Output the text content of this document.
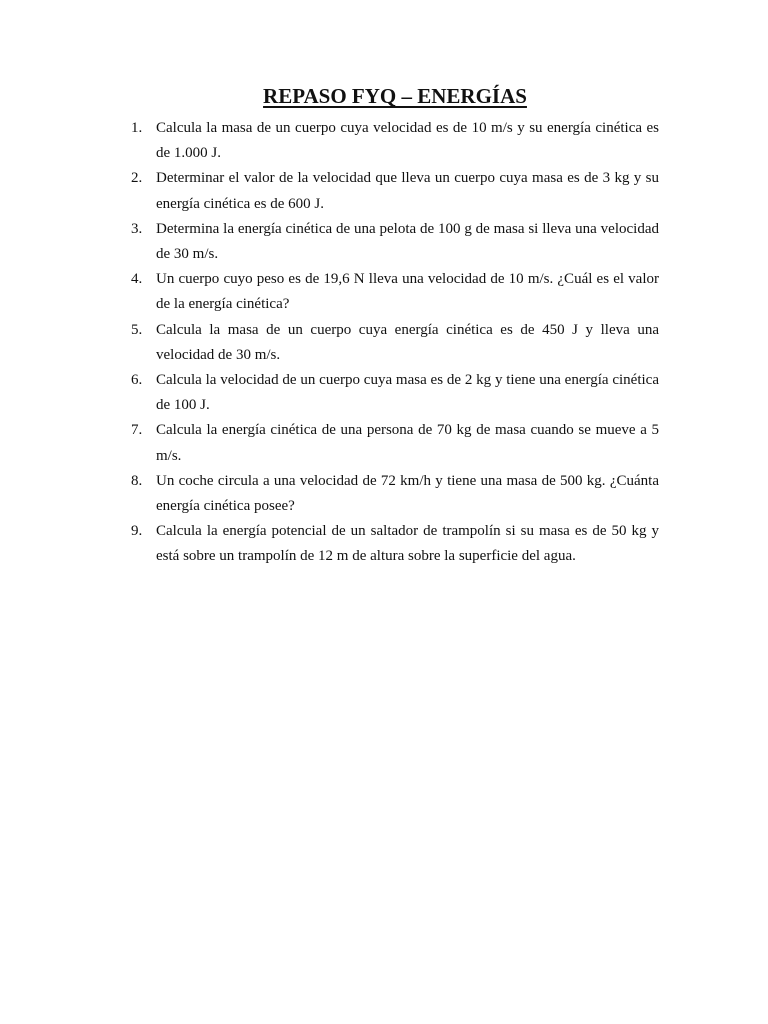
REPASO FYQ – ENERGÍAS
1. Calcula la masa de un cuerpo cuya velocidad es de 10 m/s y su energía cinética es de 1.000 J.
2. Determinar el valor de la velocidad que lleva un cuerpo cuya masa es de 3 kg y su energía cinética es de 600 J.
3. Determina la energía cinética de una pelota de 100 g de masa si lleva una velocidad de 30 m/s.
4. Un cuerpo cuyo peso es de 19,6 N lleva una velocidad de 10 m/s. ¿Cuál es el valor de la energía cinética?
5. Calcula la masa de un cuerpo cuya energía cinética es de 450 J y lleva una velocidad de 30 m/s.
6. Calcula la velocidad de un cuerpo cuya masa es de 2 kg y tiene una energía cinética de 100 J.
7. Calcula la energía cinética de una persona de 70 kg de masa cuando se mueve a 5 m/s.
8. Un coche circula a una velocidad de 72 km/h y tiene una masa de 500 kg. ¿Cuánta energía cinética posee?
9. Calcula la energía potencial de un saltador de trampolín si su masa es de 50 kg y está sobre un trampolín de 12 m de altura sobre la superficie del agua.
